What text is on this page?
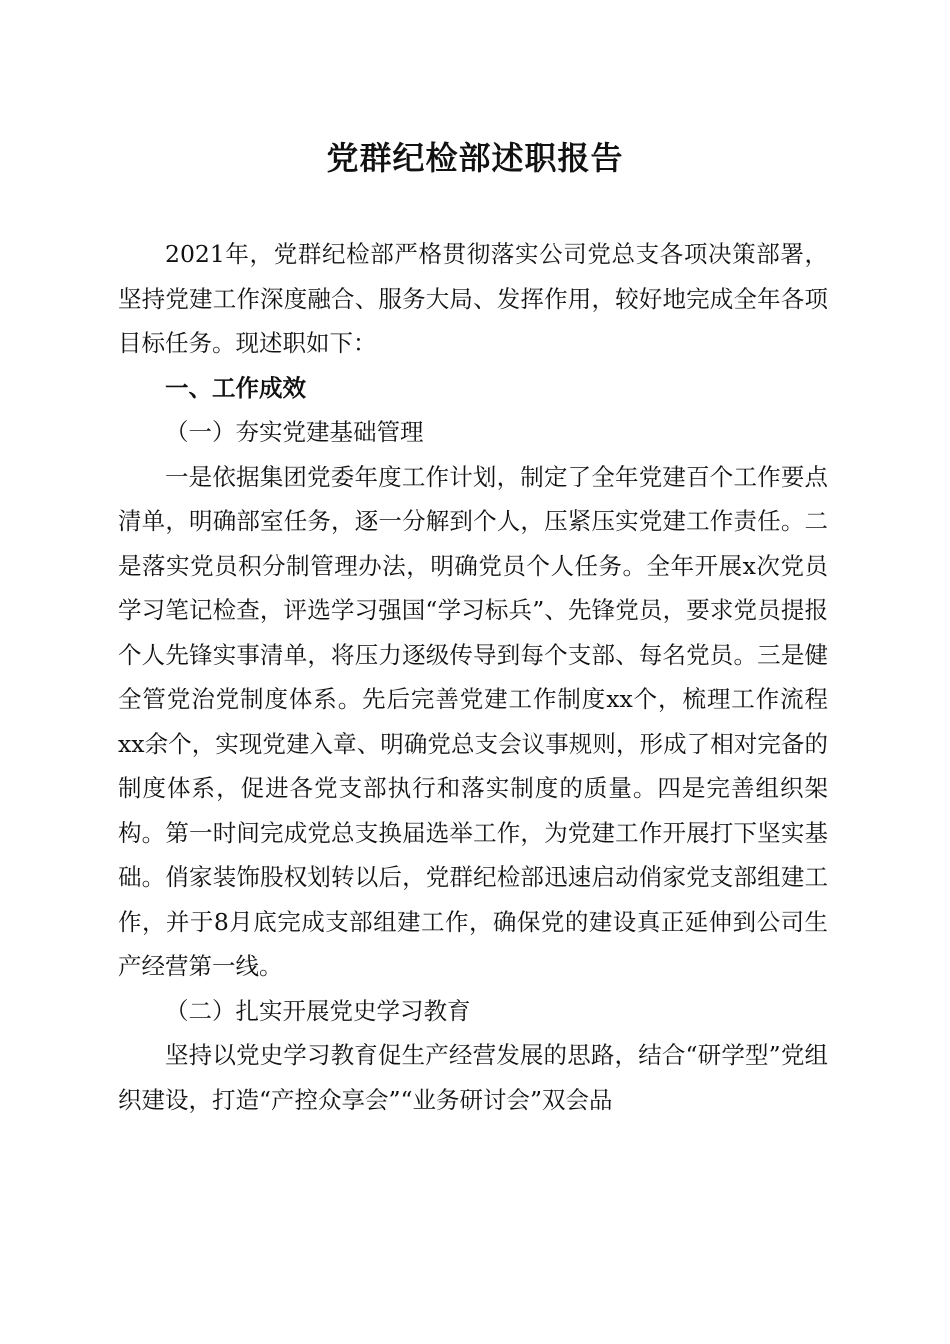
党群纪检部述职报告

2021年，党群纪检部严格贯彻落实公司党总支各项决策部署，坚持党建工作深度融合、服务大局、发挥作用，较好地完成全年各项目标任务。现述职如下：

一、工作成效

（一）夯实党建基础管理

一是依据集团党委年度工作计划，制定了全年党建百个工作要点清单，明确部室任务，逐一分解到个人，压紧压实党建工作责任。二是落实党员积分制管理办法，明确党员个人任务。全年开展x次党员学习笔记检查，评选学习强国“学习标兵”、先锋党员，要求党员提报个人先锋实事清单，将压力逐级传导到每个支部、每名党员。三是健全管党治党制度体系。先后完善党建工作制度xx个，梳理工作流程xx余个，实现党建入章、明确党总支会议事规则，形成了相对完备的制度体系，促进各党支部执行和落实制度的质量。四是完善组织架构。第一时间完成党总支换届选举工作，为党建工作开展打下坚实基础。俏家装饰股权划转以后，党群纪检部迅速启动俏家党支部组建工作，并于8月底完成支部组建工作，确保党的建设真正延伸到公司生产经营第一线。

（二）扎实开展党史学习教育

坚持以党史学习教育促生产经营发展的思路，结合“研学型”党组织建设，打造“产控众享会”“业务研讨会”双会品
